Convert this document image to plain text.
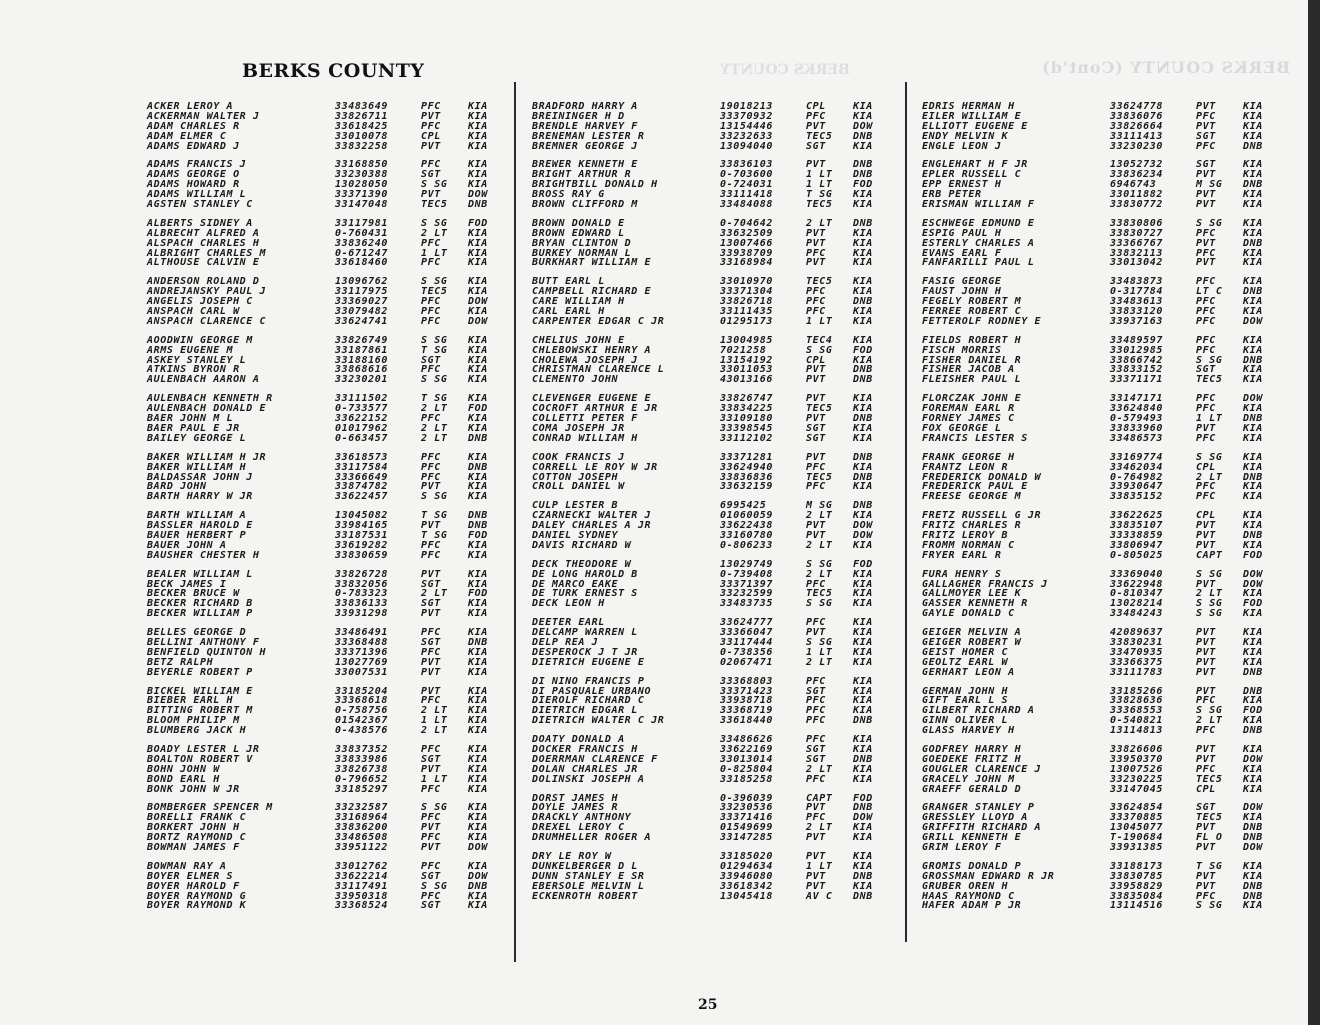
BERKS COUNTY (Cont'd)
BERKS COUNTY
BERKS COUNTY
ACKER LEROY A	33483649	PFC	KIA
ACKERMAN WALTER J	33826711	PVT	KIA
ADAM CHARLES R	33618425	PFC	KIA
ADAM ELMER C	33010078	CPL	KIA
ADAMS EDWARD J	33832258	PVT	KIA
ADAMS FRANCIS J	33168850	PFC	KIA
ADAMS GEORGE O	33230388	SGT	KIA
ADAMS HOWARD R	13028050	S SG KIA
ADAMS WILLIAM L	33371390	PVT	DOW
AGSTEN STANLEY C	33147048	TEC5 DNB
ALBERTS SIDNEY A	33117981	S SG FOD
ALBRECHT ALFRED A	0-760431	2 LT KIA
ALSPACH CHARLES H	33836240	PFC	KIA
ALBRIGHT CHARLES M	0-671247	1 LT KIA
ALTHOUSE CALVIN E	33618460	PFC	KIA
ANDERSON ROLAND D	13096762	S SG KIA
ANDREJANSKY PAUL J	33117975	TEC5 KIA
ANGELIS JOSEPH C	33369027	PFC	DOW
ANSPACH CARL W	33079482	PFC	KIA
ANSPACH CLARENCE C	33624741	PFC	DOW
AOODWIN GEORGE M	33826749	S SG KIA
ARMS EUGENE M	33187861	T SG KIA
ASKEY STANLEY L	33188160	SGT	KIA
ATKINS BYRON R	33868616	PFC	KIA
AULENBACH AARON A	33230201	S SG KIA
AULENBACH KENNETH R	33111502	T SG KIA
AULENBACH DONALD E	0-733577	2 LT FOD
BAER JOHN M L	33622152	PFC	KIA
BAER PAUL E JR	01017962	2 LT KIA
BAILEY GEORGE L	0-663457	2 LT DNB
BAKER WILLIAM H JR	33618573	PFC	KIA
BAKER WILLIAM H	33117584	PFC	DNB
BALDASSAR JOHN J	33366649	PFC	KIA
BARD JOHN	33874782	PVT	KIA
BARTH HARRY W JR	33622457	S SG KIA
BARTH WILLIAM A	13045082	T SG DNB
BASSLER HAROLD E	33984165	PVT	DNB
BAUER HERBERT P	33187531	T SG FOD
BAUER JOHN A	33619282	PFC	KIA
BAUSHER CHESTER H	33830659	PFC	KIA
BEALER WILLIAM L	33826728	PVT	KIA
BECK JAMES I	33832056	SGT	KIA
BECKER BRUCE W	0-783323	2 LT FOD
BECKER RICHARD B	33836133	SGT	KIA
BECKER WILLIAM P	33931298	PVT	KIA
BELLES GEORGE D	33486491	PFC	KIA
BELLINI ANTHONY F	33368488	SGT	DNB
BENFIELD QUINTON H	33371396	PFC	KIA
BETZ RALPH	13027769	PVT	KIA
BEYERLE ROBERT P	33007531	PVT	KIA
BICKEL WILLIAM E	33185204	PVT	KIA
BIEBER EARL H	33368618	PFC	KIA
BITTING ROBERT M	0-758756	2 LT KIA
BLOOM PHILIP M	01542367	1 LT KIA
BLUMBERG JACK H	0-438576	2 LT KIA
BOADY LESTER L JR	33837352	PFC	KIA
BOALTON ROBERT V	33833986	SGT	KIA
BOHN JOHN W	33826738	PVT	KIA
BOND EARL H	0-796652	1 LT KIA
BONK JOHN W JR	33185297	PFC	KIA
BOMBERGER SPENCER M	33232587	S SG KIA
BORELLI FRANK C	33168964	PFC	KIA
BORKERT JOHN H	33836200	PVT	KIA
BORTZ RAYMOND C	33486508	PFC	KIA
BOWMAN JAMES F	33951122	PVT	DOW
BOWMAN RAY A	33012762	PFC	KIA
BOYER ELMER S	33622214	SGT	DOW
BOYER HAROLD F	33117491	S SG DNB
BOYER RAYMOND G	33950318	PFC	KIA
BOYER RAYMOND K	33368524	SGT	KIA
BRADFORD HARRY A	19018213	CPL	KIA
BREININGER H D	33370932	PFC	KIA
BRENDLE HARVEY F	13154446	PVT	DOW
BRENEMAN LESTER R	33232633	TEC5 DNB
BREMNER GEORGE J	13094040	SGT	KIA
BREWER KENNETH E	33836103	PVT	DNB
BRIGHT ARTHUR R	0-703600	1 LT DNB
BRIGHTBILL DONALD H	0-724031	1 LT FOD
BROSS RAY G	33111418	T SG KIA
BROWN CLIFFORD M	33484088	TEC5 KIA
BROWN DONALD E	0-704642	2 LT DNB
BROWN EDWARD L	33632509	PVT	KIA
BRYAN CLINTON D	13007466	PVT	KIA
BURKEY NORMAN L	33938709	PFC	KIA
BURKHART WILLIAM E	33168984	PVT	KIA
BUTT EARL L	33010970	TEC5 KIA
CAMPBELL RICHARD E	33371304	PFC	KIA
CARE WILLIAM H	33826718	PFC	DNB
CARL EARL H	33111435	PFC	KIA
CARPENTER EDGAR C JR	01295173	1 LT KIA
CHELIUS JOHN E	13004985	TEC4 KIA
CHLEBOWSKI HENRY A	7021258	S SG FOD
CHOLEWA JOSEPH J	13154192	CPL	KIA
CHRISTMAN CLARENCE L	33011053	PVT	DNB
CLEMENTO JOHN	43013166	PVT	DNB
CLEVENGER EUGENE E	33826747	PVT	KIA
COCROFT ARTHUR E JR	33834225	TEC5 KIA
COLLETTI PETER F	33109180	PVT	DNB
COMA JOSEPH JR	33398545	SGT	KIA
CONRAD WILLIAM H	33112102	SGT	KIA
COOK FRANCIS J	33371281	PVT	DNB
CORRELL LE ROY W JR	33624940	PFC	KIA
COTTON JOSEPH	33836836	TEC5 DNB
CROLL DANIEL W	33632159	PFC	KIA
CULP LESTER B	6995425	M SG DNB
CZARNECKI WALTER J	01060059	2 LT KIA
DALEY CHARLES A JR	33622438	PVT	DOW
DANIEL SYDNEY	33160780	PVT	DOW
DAVIS RICHARD W	0-806233	2 LT KIA
DECK THEODORE W	13029749	S SG FOD
DE LONG HAROLD B	0-739408	2 LT KIA
DE MARCO EAKE	33371397	PFC	KIA
DE TURK ERNEST S	33232599	TEC5 KIA
DECK LEON H	33483735	S SG KIA
DEETER EARL	33624777	PFC	KIA
DELCAMP WARREN L	33366047	PVT	KIA
DELP REA J	33117444	S SG KIA
DESPEROCK J T JR	0-738356	1 LT KIA
DIETRICH EUGENE E	02067471	2 LT KIA
DI NINO FRANCIS P	33368803	PFC	KIA
DI PASQUALE URBANO	33371423	SGT	KIA
DIEROLF RICHARD C	33938718	PFC	KIA
DIETRICH EDGAR L	33368719	PFC	KIA
DIETRICH WALTER C JR	33618440	PFC	DNB
DOATY DONALD A	33486626	PFC	KIA
DOCKER FRANCIS H	33622169	SGT	KIA
DOERRMAN CLARENCE F	33013014	SGT	DNB
DOLAN CHARLES JR	0-825804	2 LT KIA
DOLINSKI JOSEPH A	33185258	PFC	KIA
DORST JAMES H	0-396039	CAPT FOD
DOYLE JAMES R	33230536	PVT	DNB
DRACKLY ANTHONY	33371416	PFC	DOW
DREXEL LEROY C	01549699	2 LT KIA
DRUMHELLER ROGER A	33147285	PVT	KIA
DRY LE ROY W	33185020	PVT	KIA
DUNKELBERGER D L	01294634	1 LT KIA
DUNN STANLEY E SR	33946080	PVT	DNB
EBERSOLE MELVIN L	33618342	PVT	KIA
ECKENROTH ROBERT	13045418	AV C DNB
EDRIS HERMAN H	33624778	PVT	KIA
EILER WILLIAM E	33836076	PFC	KIA
ELLIOTT EUGENE E	33826664	PVT	KIA
ENDY MELVIN K	33111413	SGT	KIA
ENGLE LEON J	33230230	PFC	DNB
ENGLEHART H F JR	13052732	SGT	KIA
EPLER RUSSELL C	33836234	PVT	KIA
EPP ERNEST H	6946743	M SG DNB
ERB PETER	33011882	PVT	KIA
ERISMAN WILLIAM F	33830772	PVT	KIA
ESCHWEGE EDMUND E	33830806	S SG KIA
ESPIG PAUL H	33830727	PFC	KIA
ESTERLY CHARLES A	33366767	PVT	DNB
EVANS EARL F	33832113	PFC	KIA
FANFARILLI PAUL L	33013042	PVT	KIA
FASIG GEORGE	33483873	PFC	KIA
FAUST JOHN H	0-317784	LT C DNB
FEGELY ROBERT M	33483613	PFC	KIA
FERREE ROBERT C	33833120	PFC	KIA
FETTEROLF RODNEY E	33937163	PFC	DOW
FIELDS ROBERT H	33489597	PFC	KIA
FISCH MORRIS	33012985	PFC	KIA
FISHER DANIEL R	33866742	S SG DNB
FISHER JACOB A	33833152	SGT	KIA
FLEISHER PAUL L	33371171	TEC5 KIA
FLORCZAK JOHN E	33147171	PFC	DOW
FOREMAN EARL R	33624840	PFC	KIA
FORNEY JAMES C	0-579493	1 LT DNB
FOX GEORGE L	33833960	PVT	KIA
FRANCIS LESTER S	33486573	PFC	KIA
FRANK GEORGE H	33169774	S SG KIA
FRANTZ LEON R	33462034	CPL	KIA
FREDERICK DONALD W	0-764982	2 LT DNB
FREDERICK PAUL E	33930647	PFC	KIA
FREESE GEORGE M	33835152	PFC	KIA
FRETZ RUSSELL G JR	33622625	CPL	KIA
FRITZ CHARLES R	33835107	PVT	KIA
FRITZ LEROY B	33338859	PVT	DNB
FROMM NORMAN C	33806947	PVT	KIA
FRYER EARL R	0-805025	CAPT FOD
FURA HENRY S	33369040	S SG DOW
GALLAGHER FRANCIS J	33622948	PVT	DOW
GALLMOYER LEE K	0-810347	2 LT KIA
GASSER KENNETH R	13028214	S SG FOD
GAYLE DONALD C	33484243	S SG KIA
GEIGER MELVIN A	42089637	PVT	KIA
GEIGER ROBERT W	33830231	PVT	KIA
GEIST HOMER C	33470935	PVT	KIA
GEOLTZ EARL W	33366375	PVT	KIA
GERHART LEON A	33111783	PVT	DNB
GERMAN JOHN H	33185266	PVT	DNB
GIFT EARL L S	33828636	PFC	KIA
GILBERT RICHARD A	33368553	S SG FOD
GINN OLIVER L	0-540821	2 LT KIA
GLASS HARVEY H	13114813	PFC	DNB
GODFREY HARRY H	33826606	PVT	KIA
GOEDEKE FRITZ H	33950370	PVT	DOW
GOUGLER CLARENCE J	13007526	PFC	KIA
GRACELY JOHN M	33230225	TEC5 KIA
GRAEFF GERALD D	33147045	CPL	KIA
GRANGER STANLEY P	33624854	SGT	DOW
GRESSLEY LLOYD A	33370885	TEC5 KIA
GRIFFITH RICHARD A	13045077	PVT	DNB
GRILL KENNETH E	T-190684	FL O DNB
GRIM LEROY F	33931385	PVT	DOW
GROMIS DONALD P	33188173	T SG KIA
GROSSMAN EDWARD R JR	33830785	PVT	KIA
GRUBER OREN H	33958829	PVT	DNB
HAAS RAYMOND C	33835084	PFC	DNB
HAFER ADAM P JR	13114516	S SG KIA
25
